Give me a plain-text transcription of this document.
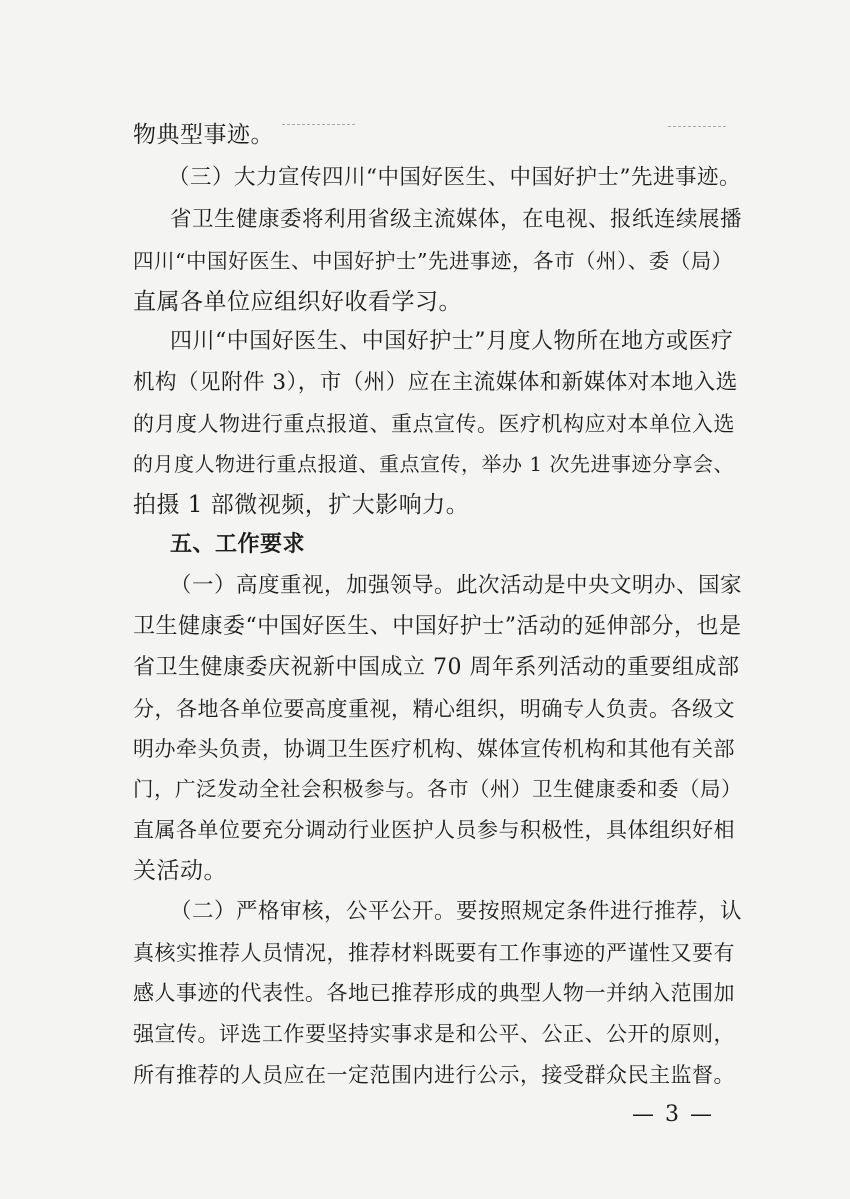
物典型事迹。
（三）大力宣传四川“中国好医生、中国好护士”先进事迹。
省卫生健康委将利用省级主流媒体，在电视、报纸连续展播
四川“中国好医生、中国好护士”先进事迹，各市（州）、委（局）
直属各单位应组织好收看学习。
四川“中国好医生、中国好护士”月度人物所在地方或医疗
机构（见附件 3），市（州）应在主流媒体和新媒体对本地入选
的月度人物进行重点报道、重点宣传。医疗机构应对本单位入选
的月度人物进行重点报道、重点宣传，举办 1 次先进事迹分享会、
拍摄 1 部微视频，扩大影响力。
五、工作要求
（一）高度重视，加强领导。此次活动是中央文明办、国家
卫生健康委“中国好医生、中国好护士”活动的延伸部分，也是
省卫生健康委庆祝新中国成立 70 周年系列活动的重要组成部
分，各地各单位要高度重视，精心组织，明确专人负责。各级文
明办牵头负责，协调卫生医疗机构、媒体宣传机构和其他有关部
门，广泛发动全社会积极参与。各市（州）卫生健康委和委（局）
直属各单位要充分调动行业医护人员参与积极性，具体组织好相
关活动。
（二）严格审核，公平公开。要按照规定条件进行推荐，认
真核实推荐人员情况，推荐材料既要有工作事迹的严谨性又要有
感人事迹的代表性。各地已推荐形成的典型人物一并纳入范围加
强宣传。评选工作要坚持实事求是和公平、公正、公开的原则，
所有推荐的人员应在一定范围内进行公示，接受群众民主监督。
— 3 —
